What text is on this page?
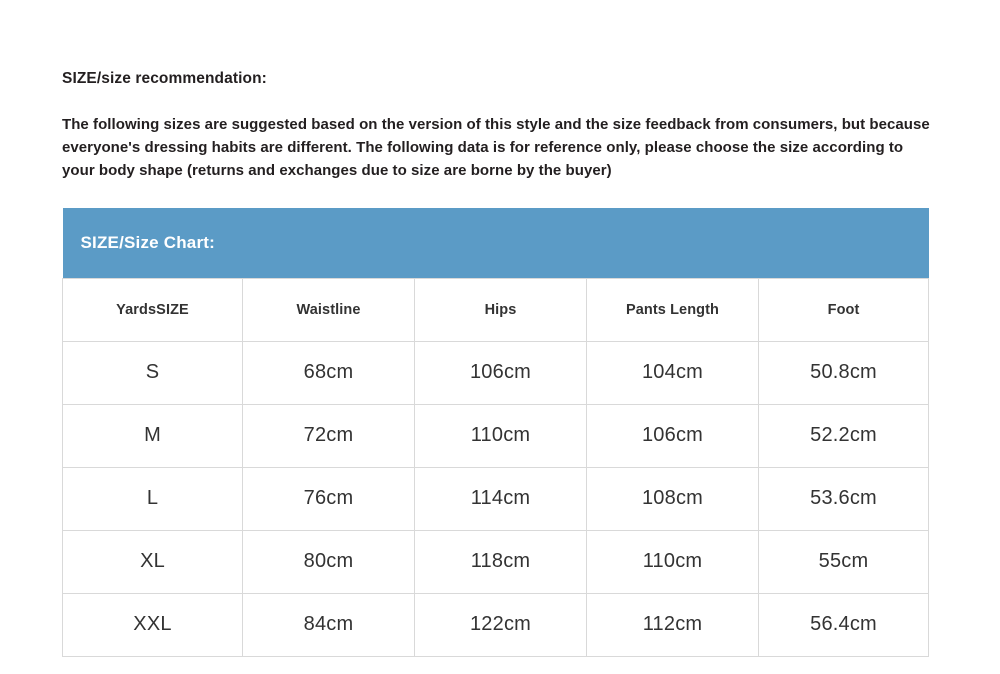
SIZE/size recommendation:

The following sizes are suggested based on the version of this style and the size feedback from consumers, but because everyone's dressing habits are different. The following data is for reference only, please choose the size according to your body shape (returns and exchanges due to size are borne by the buyer)

SIZE/Size Chart:				
YardsSIZE	Waistline	Hips	Pants Length	Foot
S	68cm	106cm	104cm	50.8cm
M	72cm	110cm	106cm	52.2cm
L	76cm	114cm	108cm	53.6cm
XL	80cm	118cm	110cm	55cm
XXL	84cm	122cm	112cm	56.4cm
